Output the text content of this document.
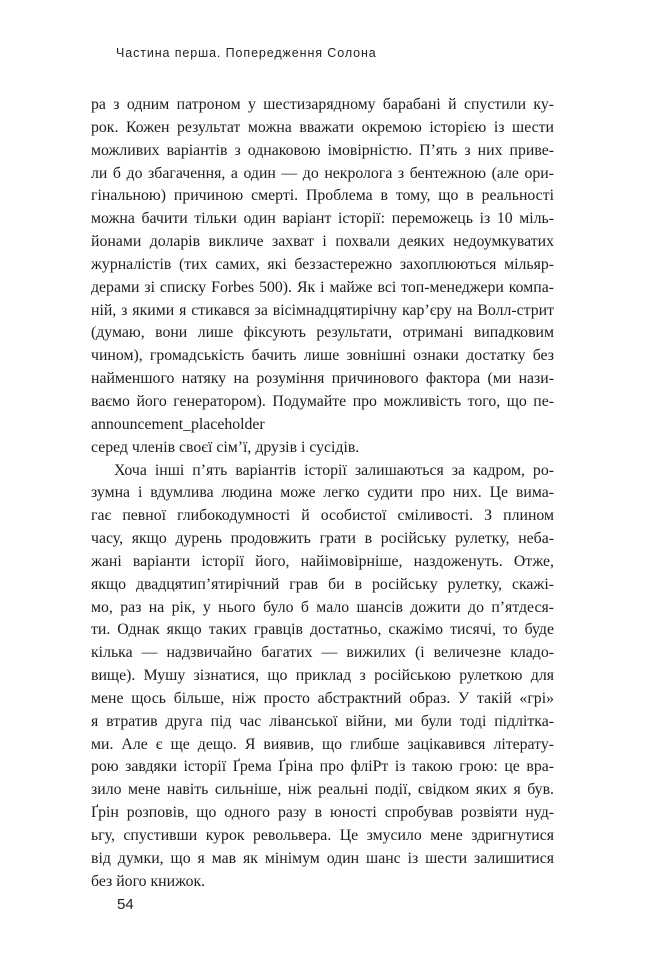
Частина перша. Попередження Солона
ра з одним патроном у шестизарядному барабані й спустили ку-
рок. Кожен результат можна вважати окремою історією із шести
можливих варіантів з однаковою імовірністю. П’ять з них приве-
ли б до збагачення, а один — до некролога з бентежною (але ори-
гінальною) причиною смерті. Проблема в тому, що в реальності
можна бачити тільки один варіант історії: переможець із 10 міль-
йонами доларів викличе захват і похвали деяких недоумкуватих
журналістів (тих самих, які беззастережно захоплюються мільяр-
дерами зі списку Forbes 500). Як і майже всі топ-менеджери компа-
ній, з якими я стикався за вісімнадцятирічну кар’єру на Волл-стрит
(думаю, вони лише фіксують результати, отримані випадковим
чином), громадськість бачить лише зовнішні ознаки достатку без
найменшого натяку на розуміння причинового фактора (ми нази-
ваємо його генератором). Подумайте про можливість того, що пе-
announcement_placeholder
серед членів своєї сім’ї, друзів і сусідів.
Хоча інші п’ять варіантів історії залишаються за кадром, ро-
зумна і вдумлива людина може легко судити про них. Це вима-
гає певної глибокодумності й особистої сміливості. З плином
часу, якщо дурень продовжить грати в російську рулетку, неба-
жані варіанти історії його, найімовірніше, наздоженуть. Отже,
якщо двадцятип’ятирічний грав би в російську рулетку, скажі-
мо, раз на рік, у нього було б мало шансів дожити до п’ятдеся-
ти. Однак якщо таких гравців достатньо, скажімо тисячі, то буде
кілька — надзвичайно багатих — вижилих (і величезне кладо-
вище). Мушу зізнатися, що приклад з російською рулеткою для
мене щось більше, ніж просто абстрактний образ. У такій «грі»
я втратив друга під час ліванської війни, ми були тоді підлітка-
ми. Але є ще дещо. Я виявив, що глибше зацікавився літерату-
рою завдяки історії Ґрема Ґріна про фліРт із такою грою: це вра-
зило мене навіть сильніше, ніж реальні події, свідком яких я був.
Ґрін розповів, що одного разу в юності спробував розвіяти нуд-
ьгу, спустивши курок револьвера. Це змусило мене здригнутися
від думки, що я мав як мінімум один шанс із шести залишитися
без його книжок.
54
